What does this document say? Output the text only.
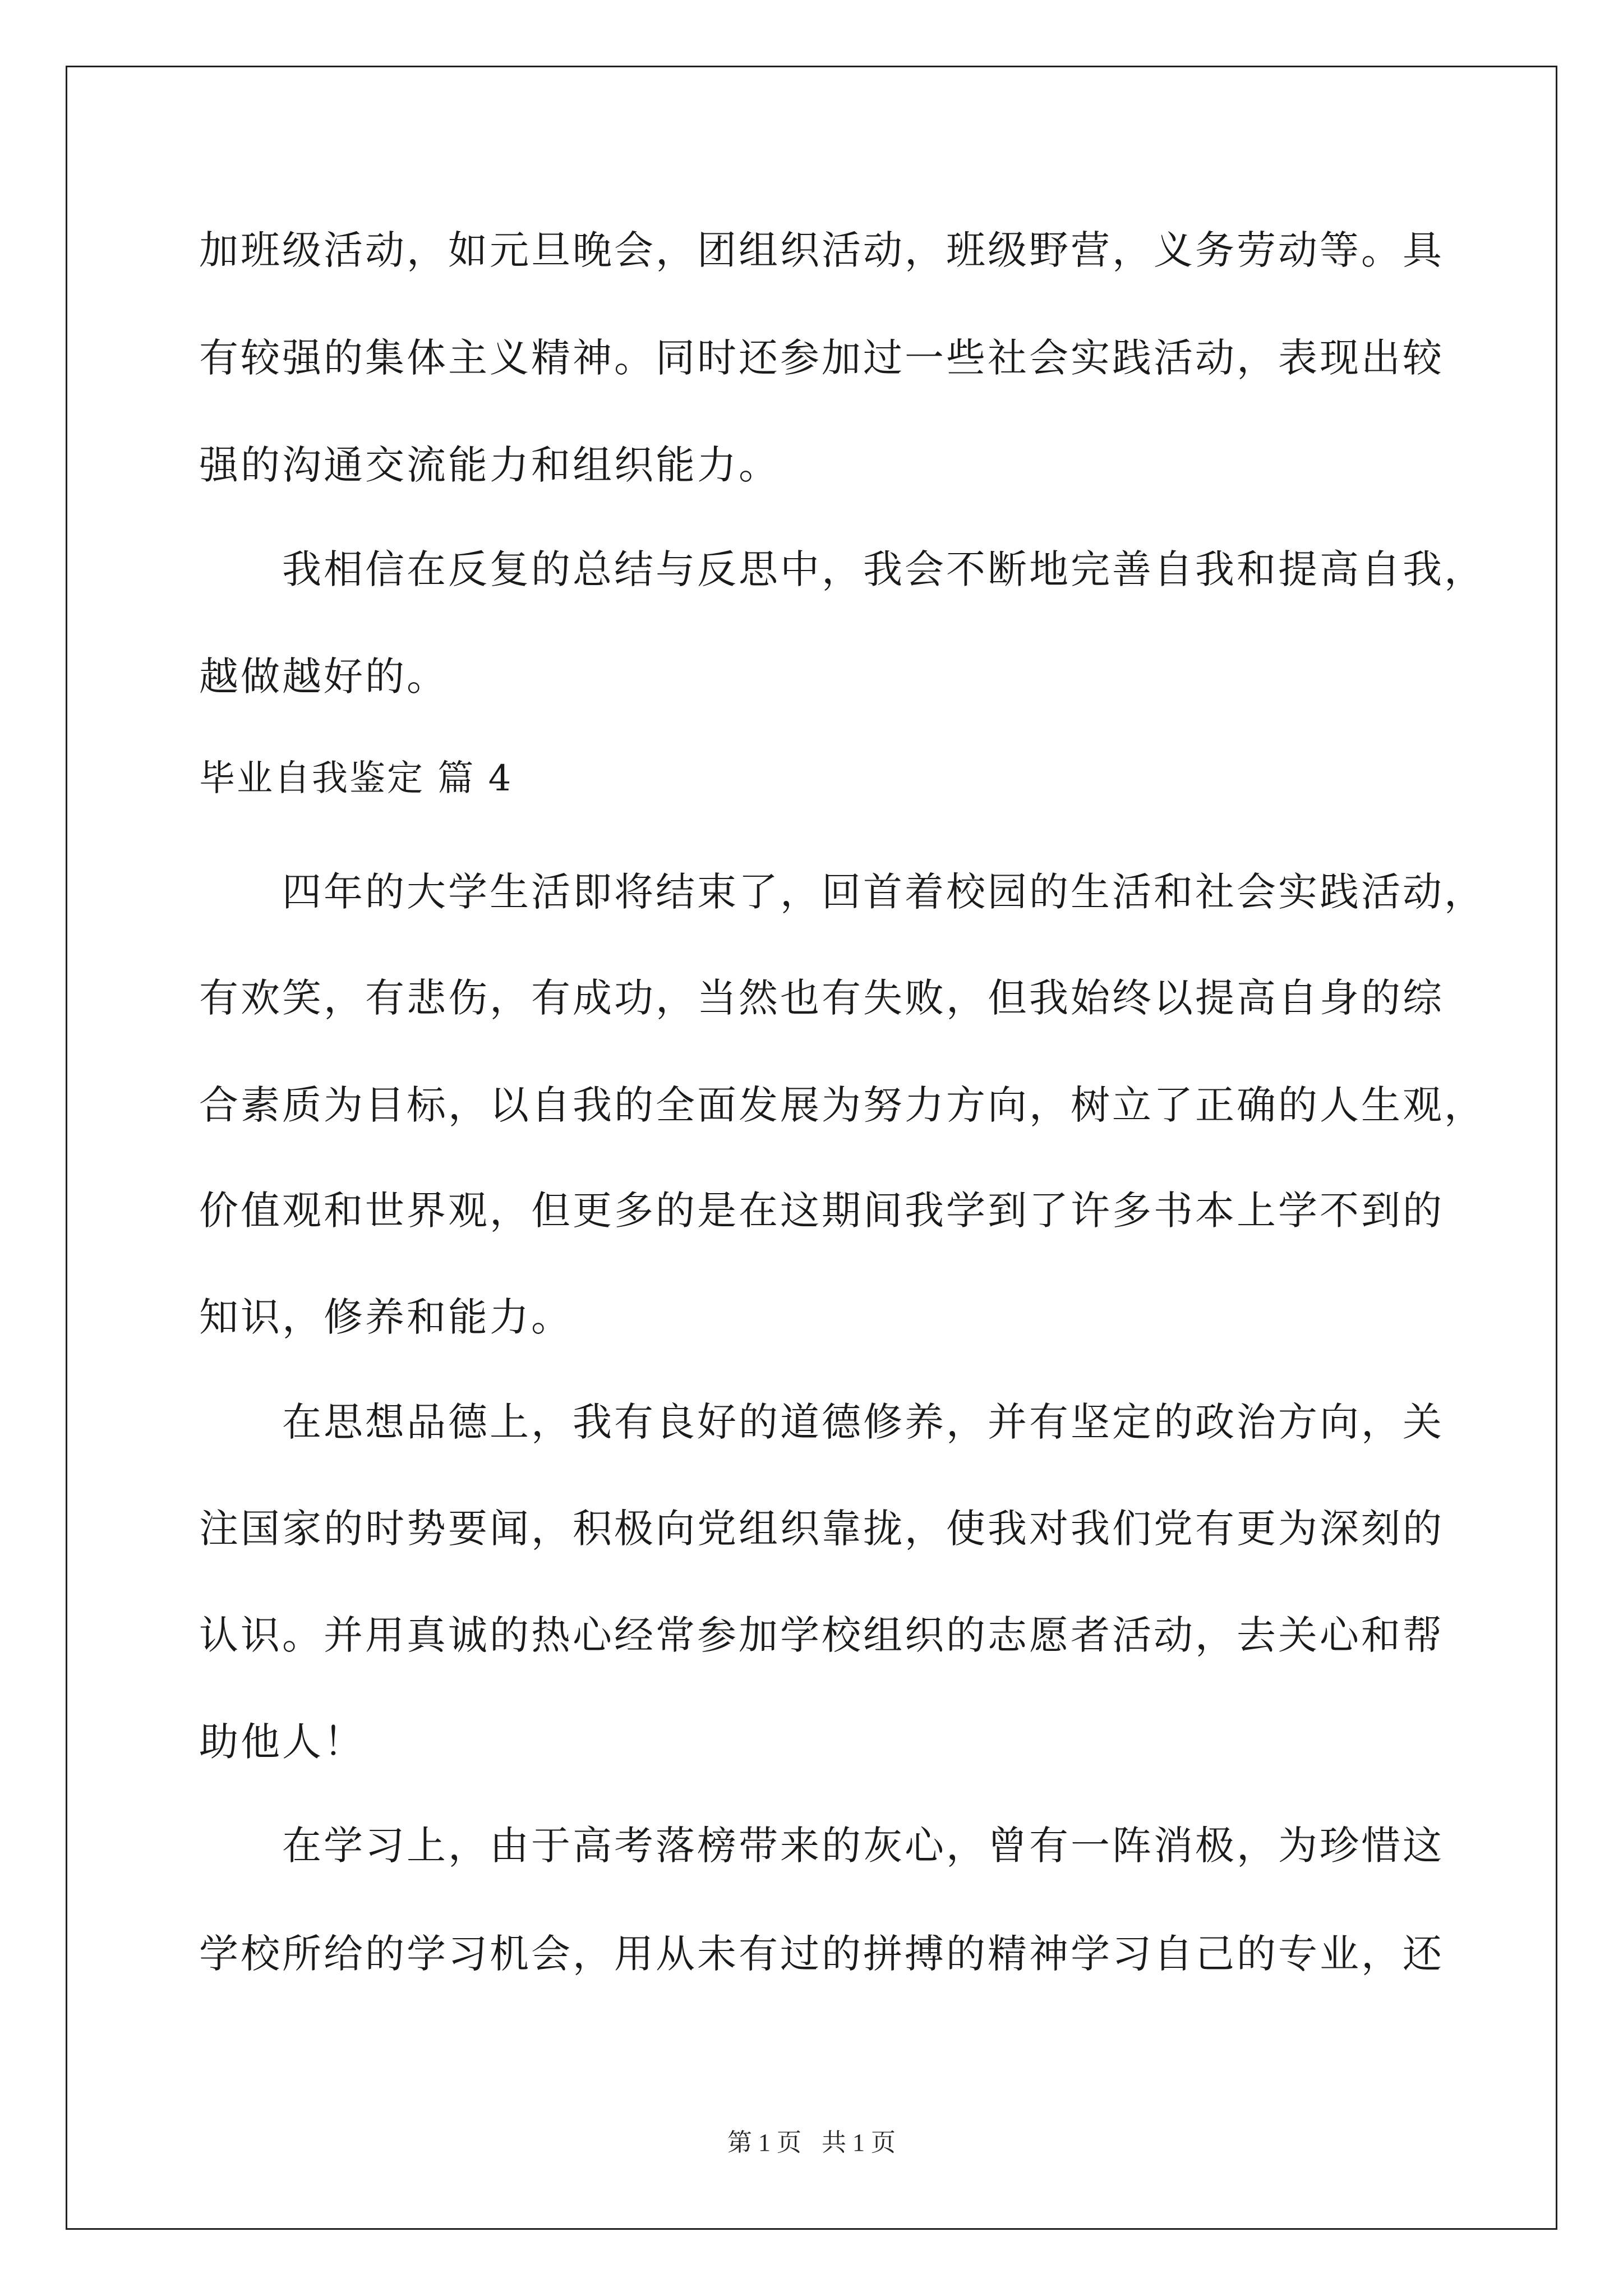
加班级活动，如元旦晚会，团组织活动，班级野营，义务劳动等。具
有较强的集体主义精神。同时还参加过一些社会实践活动，表现出较
强的沟通交流能力和组织能力。
我相信在反复的总结与反思中，我会不断地完善自我和提高自我，
越做越好的。
毕业自我鉴定 篇 4
四年的大学生活即将结束了，回首着校园的生活和社会实践活动，
有欢笑，有悲伤，有成功，当然也有失败，但我始终以提高自身的综
合素质为目标，以自我的全面发展为努力方向，树立了正确的人生观，
价值观和世界观，但更多的是在这期间我学到了许多书本上学不到的
知识，修养和能力。
在思想品德上，我有良好的道德修养，并有坚定的政治方向，关
注国家的时势要闻，积极向党组织靠拢，使我对我们党有更为深刻的
认识。并用真诚的热心经常参加学校组织的志愿者活动，去关心和帮
助他人！
在学习上，由于高考落榜带来的灰心，曾有一阵消极，为珍惜这
学校所给的学习机会，用从未有过的拼搏的精神学习自己的专业，还
第 1 页 共 1 页
